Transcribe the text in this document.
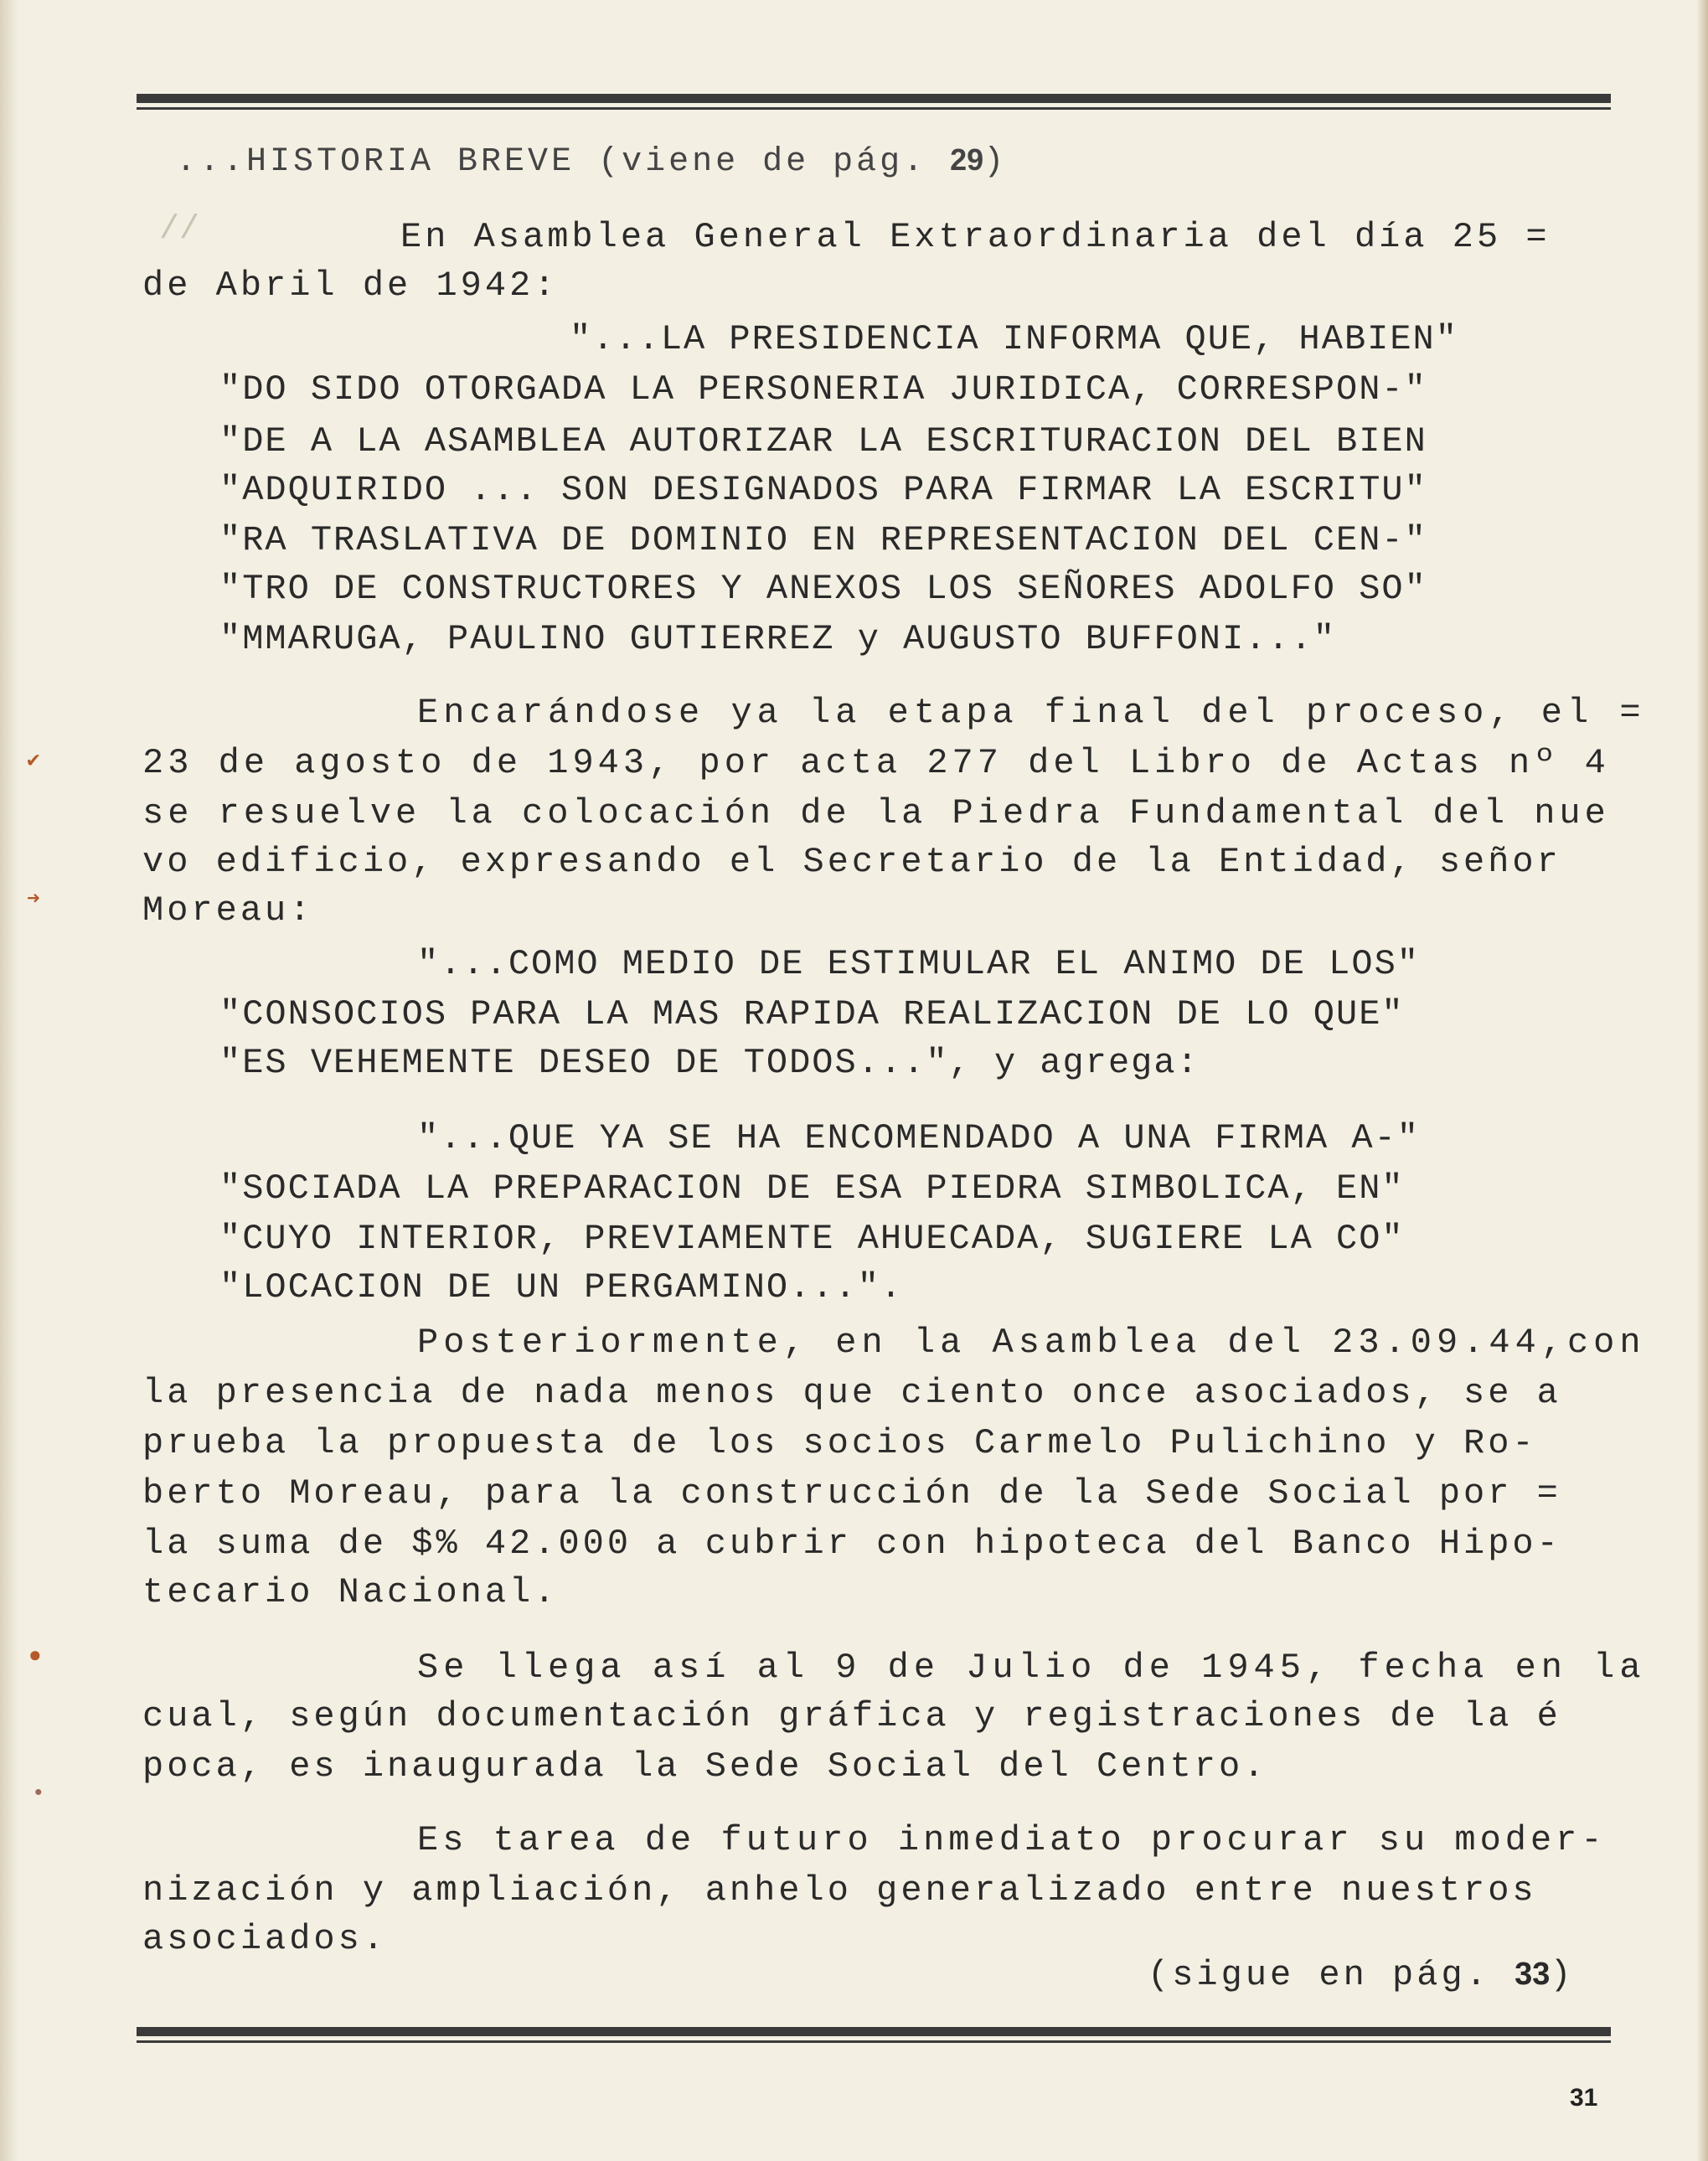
...HISTORIA BREVE (viene de pág. 29)
//	En Asamblea General Extraordinaria del día 25 =
de Abril de 1942:
"...LA PRESIDENCIA INFORMA QUE, HABIEN"
"DO SIDO OTORGADA LA PERSONERIA JURIDICA, CORRESPON-"
"DE A LA ASAMBLEA AUTORIZAR LA ESCRITURACION DEL BIEN
"ADQUIRIDO ... SON DESIGNADOS PARA FIRMAR LA ESCRITU"
"RA TRASLATIVA DE DOMINIO EN REPRESENTACION DEL CEN-"
"TRO DE CONSTRUCTORES Y ANEXOS LOS SEÑORES ADOLFO SO"
"MMARUGA, PAULINO GUTIERREZ y AUGUSTO BUFFONI..."
Encarándose ya la etapa final del proceso, el =
23 de agosto de 1943, por acta 277 del Libro de Actas nº 4
se resuelve la colocación de la Piedra Fundamental del nue
vo edificio, expresando el Secretario de la Entidad, señor
Moreau:
"...COMO MEDIO DE ESTIMULAR EL ANIMO DE LOS"
"CONSOCIOS PARA LA MAS RAPIDA REALIZACION DE LO QUE"
"ES VEHEMENTE DESEO DE TODOS...", y agrega:
"...QUE YA SE HA ENCOMENDADO A UNA FIRMA A-"
"SOCIADA LA PREPARACION DE ESA PIEDRA SIMBOLICA, EN"
"CUYO INTERIOR, PREVIAMENTE AHUECADA, SUGIERE LA CO"
"LOCACION DE UN PERGAMINO...".
Posteriormente, en la Asamblea del 23.09.44,con
la presencia de nada menos que ciento once asociados, se a
prueba la propuesta de los socios Carmelo Pulichino y Ro-
berto Moreau, para la construcción de la Sede Social por =
la suma de $% 42.000 a cubrir con hipoteca del Banco Hipo-
tecario Nacional.
Se llega así al 9 de Julio de 1945, fecha en la
cual, según documentación gráfica y registraciones de la é
poca, es inaugurada la Sede Social del Centro.
Es tarea de futuro inmediato procurar su moder-
nización y ampliación, anhelo generalizado entre nuestros
asociados.
(sigue en pág. 33)
31
✔
➜
●
•
